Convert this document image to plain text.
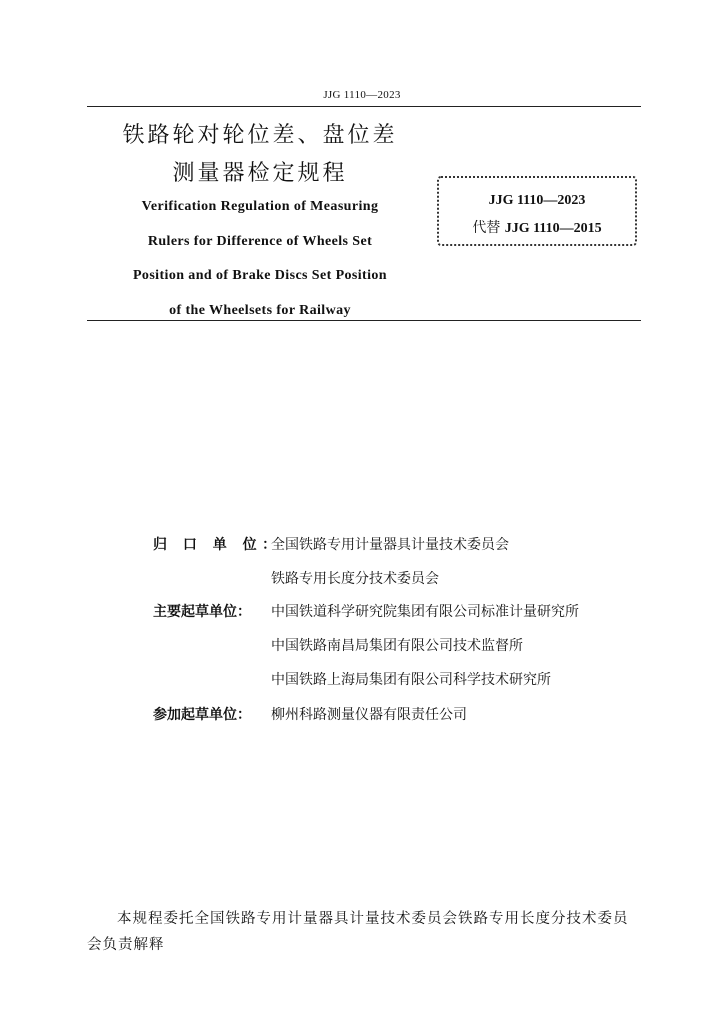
JJG 1110—2023
铁路轮对轮位差、盘位差
测量器检定规程
Verification Regulation of Measuring
Rulers for Difference of Wheels Set
Position and of Brake Discs Set Position
of the Wheelsets for Railway
JJG 1110—2023
代替 JJG 1110—2015
归 口 单 位：全国铁路专用计量器具计量技术委员会
铁路专用长度分技术委员会
主要起草单位： 中国铁道科学研究院集团有限公司标准计量研究所
中国铁路南昌局集团有限公司技术监督所
中国铁路上海局集团有限公司科学技术研究所
参加起草单位： 柳州科路测量仪器有限责任公司
本规程委托全国铁路专用计量器具计量技术委员会铁路专用长度分技术委员会负责解释
